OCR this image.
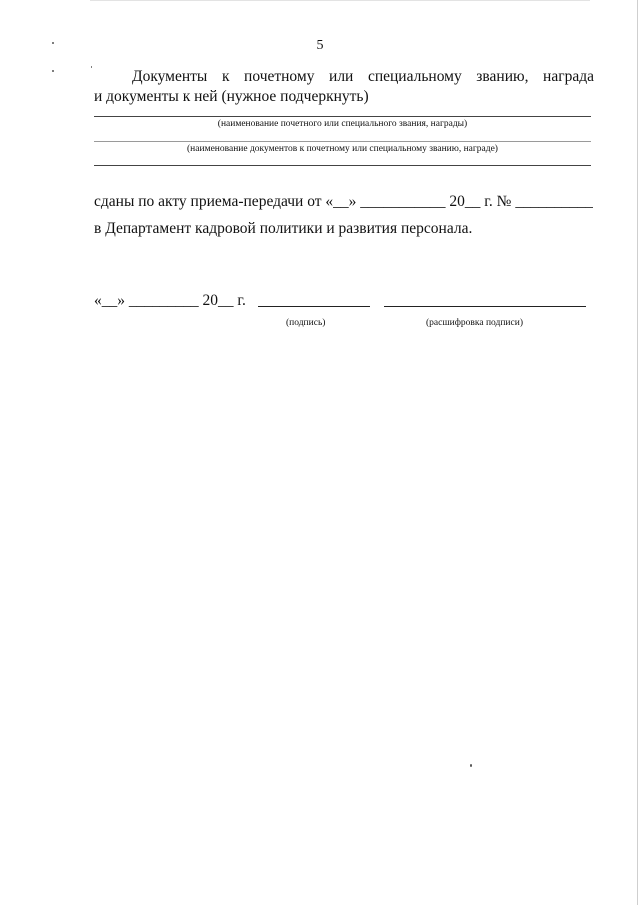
5
Документы к почетному или специальному званию, награда
и документы к ней (нужное подчеркнуть)
(наименование почетного или специального звания, награды)
(наименование документов к почетному или специальному званию, награде)
сданы по акту приема-передачи от «__» ___________ 20__ г. № __________
в Департамент кадровой политики и развития персонала.
«__» _________ 20__ г.
(подпись)	(расшифровка подписи)
